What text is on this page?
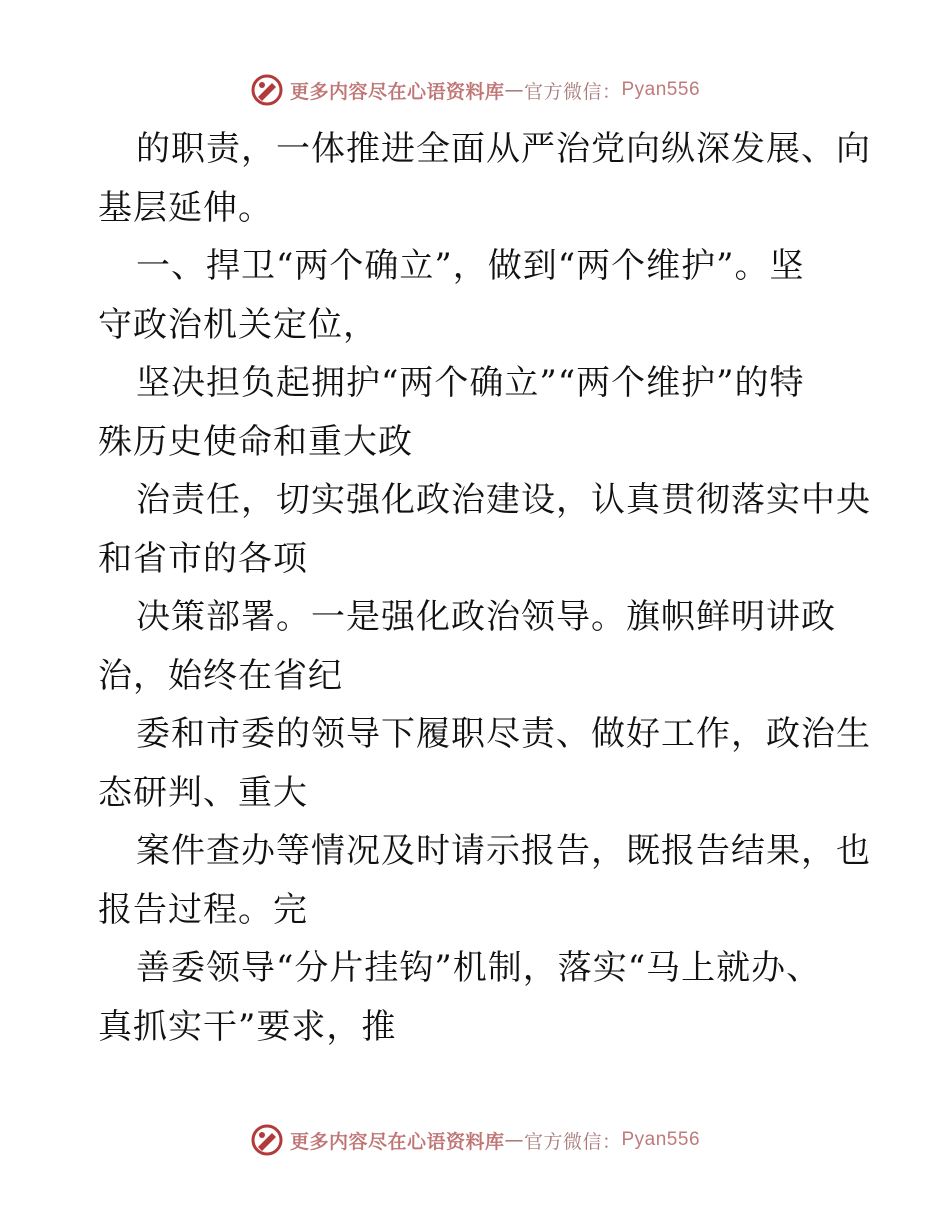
更多内容尽在心语资料库 — 官方微信： Pyan556
的职责，一体推进全面从严治党向纵深发展、向
基层延伸。
一、捍卫“两个确立”，做到“两个维护”。坚
守政治机关定位，
坚决担负起拥护“两个确立”“两个维护”的特
殊历史使命和重大政
治责任，切实强化政治建设，认真贯彻落实中央
和省市的各项
决策部署。一是强化政治领导。旗帜鲜明讲政
治，始终在省纪
委和市委的领导下履职尽责、做好工作，政治生
态研判、重大
案件查办等情况及时请示报告，既报告结果，也
报告过程。完
善委领导“分片挂钩”机制，落实“马上就办、
真抓实干”要求，推
更多内容尽在心语资料库 — 官方微信： Pyan556
